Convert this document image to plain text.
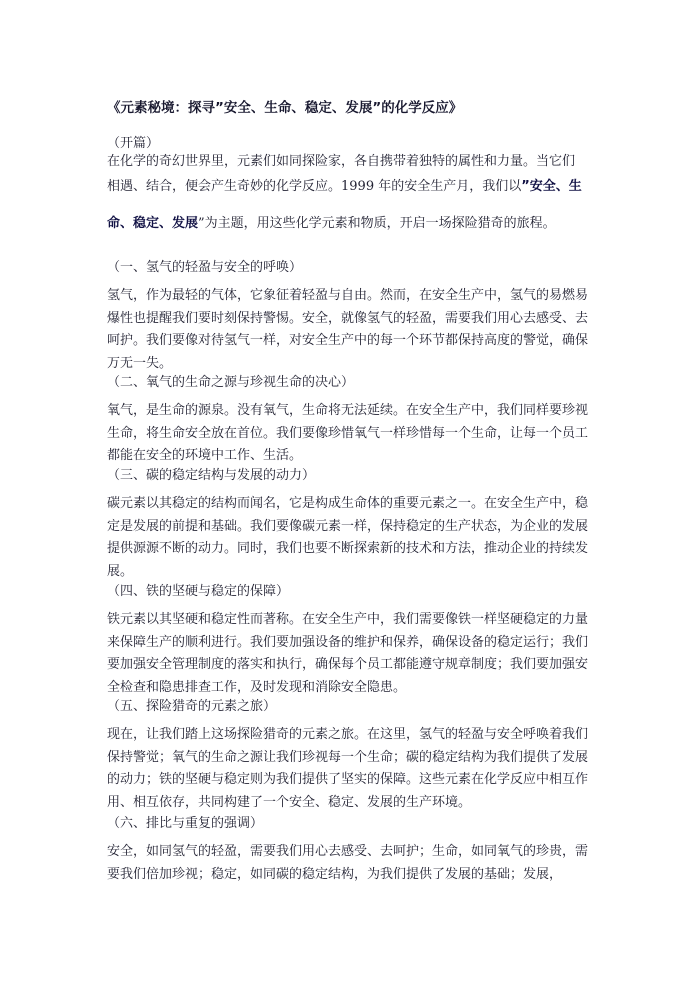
《元素秘境：探寻”安全、生命、稳定、发展”的化学反应》
（开篇）
在化学的奇幻世界里，元素们如同探险家，各自携带着独特的属性和力量。当它们
相遇、结合，便会产生奇妙的化学反应。1999 年的安全生产月，我们以”安全、生
命、稳定、发展”为主题，用这些化学元素和物质，开启一场探险猎奇的旅程。
（一、氢气的轻盈与安全的呼唤）
氢气，作为最轻的气体，它象征着轻盈与自由。然而，在安全生产中，氢气的易燃易爆性也提醒我们要时刻保持警惕。安全，就像氢气的轻盈，需要我们用心去感受、去呵护。我们要像对待氢气一样，对安全生产中的每一个环节都保持高度的警觉，确保万无一失。
（二、氧气的生命之源与珍视生命的决心）
氧气，是生命的源泉。没有氧气，生命将无法延续。在安全生产中，我们同样要珍视生命，将生命安全放在首位。我们要像珍惜氧气一样珍惜每一个生命，让每一个员工都能在安全的环境中工作、生活。
（三、碳的稳定结构与发展的动力）
碳元素以其稳定的结构而闻名，它是构成生命体的重要元素之一。在安全生产中，稳定是发展的前提和基础。我们要像碳元素一样，保持稳定的生产状态，为企业的发展提供源源不断的动力。同时，我们也要不断探索新的技术和方法，推动企业的持续发展。
（四、铁的坚硬与稳定的保障）
铁元素以其坚硬和稳定性而著称。在安全生产中，我们需要像铁一样坚硬稳定的力量来保障生产的顺利进行。我们要加强设备的维护和保养，确保设备的稳定运行；我们要加强安全管理制度的落实和执行，确保每个员工都能遵守规章制度；我们要加强安全检查和隐患排查工作，及时发现和消除安全隐患。
（五、探险猎奇的元素之旅）
现在，让我们踏上这场探险猎奇的元素之旅。在这里，氢气的轻盈与安全呼唤着我们保持警觉；氧气的生命之源让我们珍视每一个生命；碳的稳定结构为我们提供了发展的动力；铁的坚硬与稳定则为我们提供了坚实的保障。这些元素在化学反应中相互作用、相互依存，共同构建了一个安全、稳定、发展的生产环境。
（六、排比与重复的强调）
安全，如同氢气的轻盈，需要我们用心去感受、去呵护；生命，如同氧气的珍贵，需要我们倍加珍视；稳定，如同碳的稳定结构，为我们提供了发展的基础；发展，
